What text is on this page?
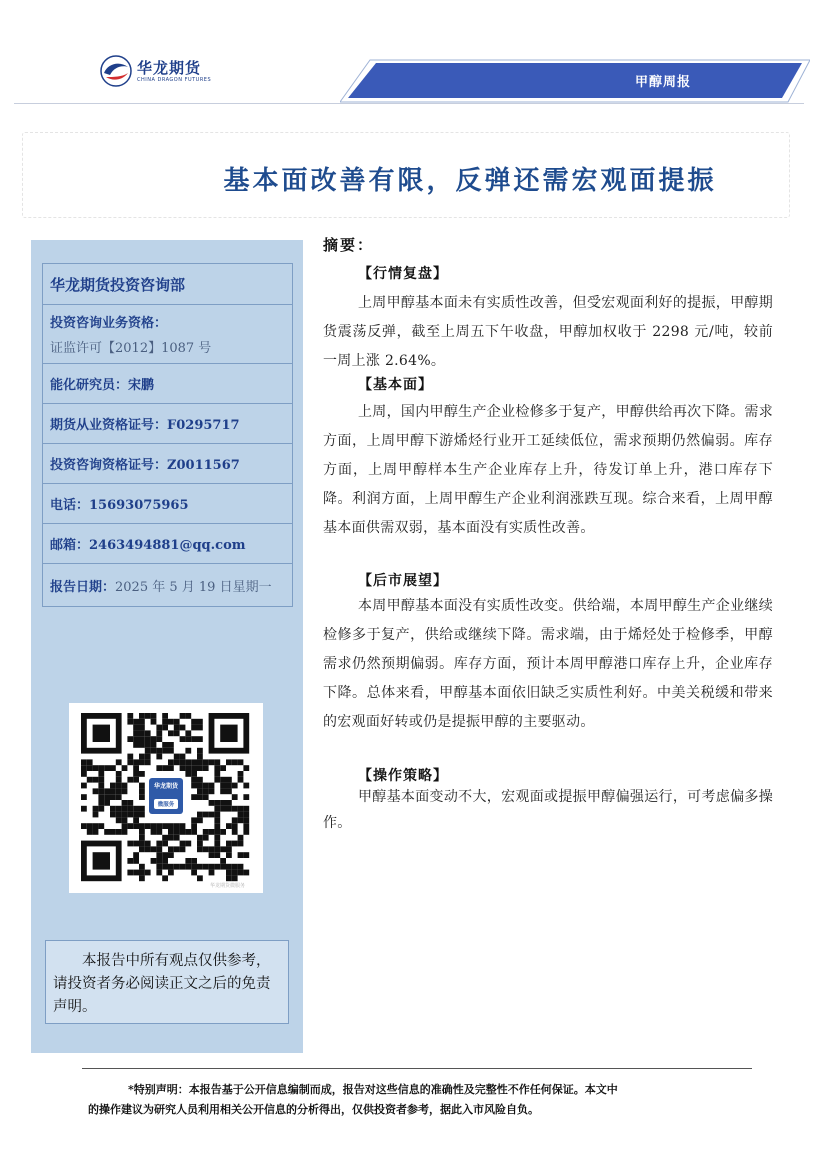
华龙期货
CHINA DRAGON FUTURES	甲醇周报
基本面改善有限，反弹还需宏观面提振
华龙期货投资咨询部
投资咨询业务资格：
证监许可【2012】1087 号
能化研究员：宋鹏
期货从业资格证号：F0295717
投资咨询资格证号：Z0011567
电话：15693075965
邮箱：2463494881@qq.com
报告日期： 2025 年 5 月 19 日星期一
华龙期货
微服务
华龙期货微服务
本报告中所有观点仅供参考，请投资者务必阅读正文之后的免责声明。
摘要：
【行情复盘】
上周甲醇基本面未有实质性改善，但受宏观面利好的提振，甲醇期货震荡反弹，截至上周五下午收盘，甲醇加权收于 2298 元/吨，较前一周上涨 2.64%。
【基本面】
上周，国内甲醇生产企业检修多于复产，甲醇供给再次下降。需求方面，上周甲醇下游烯烃行业开工延续低位，需求预期仍然偏弱。库存方面，上周甲醇样本生产企业库存上升，待发订单上升，港口库存下降。利润方面，上周甲醇生产企业利润涨跌互现。综合来看，上周甲醇基本面供需双弱，基本面没有实质性改善。
【后市展望】
本周甲醇基本面没有实质性改变。供给端，本周甲醇生产企业继续检修多于复产，供给或继续下降。需求端，由于烯烃处于检修季，甲醇需求仍然预期偏弱。库存方面，预计本周甲醇港口库存上升，企业库存下降。总体来看，甲醇基本面依旧缺乏实质性利好。中美关税缓和带来的宏观面好转或仍是提振甲醇的主要驱动。
【操作策略】
甲醇基本面变动不大，宏观面或提振甲醇偏强运行，可考虑偏多操作。
*特别声明：本报告基于公开信息编制而成，报告对这些信息的准确性及完整性不作任何保证。本文中
的操作建议为研究人员利用相关公开信息的分析得出，仅供投资者参考，据此入市风险自负。
